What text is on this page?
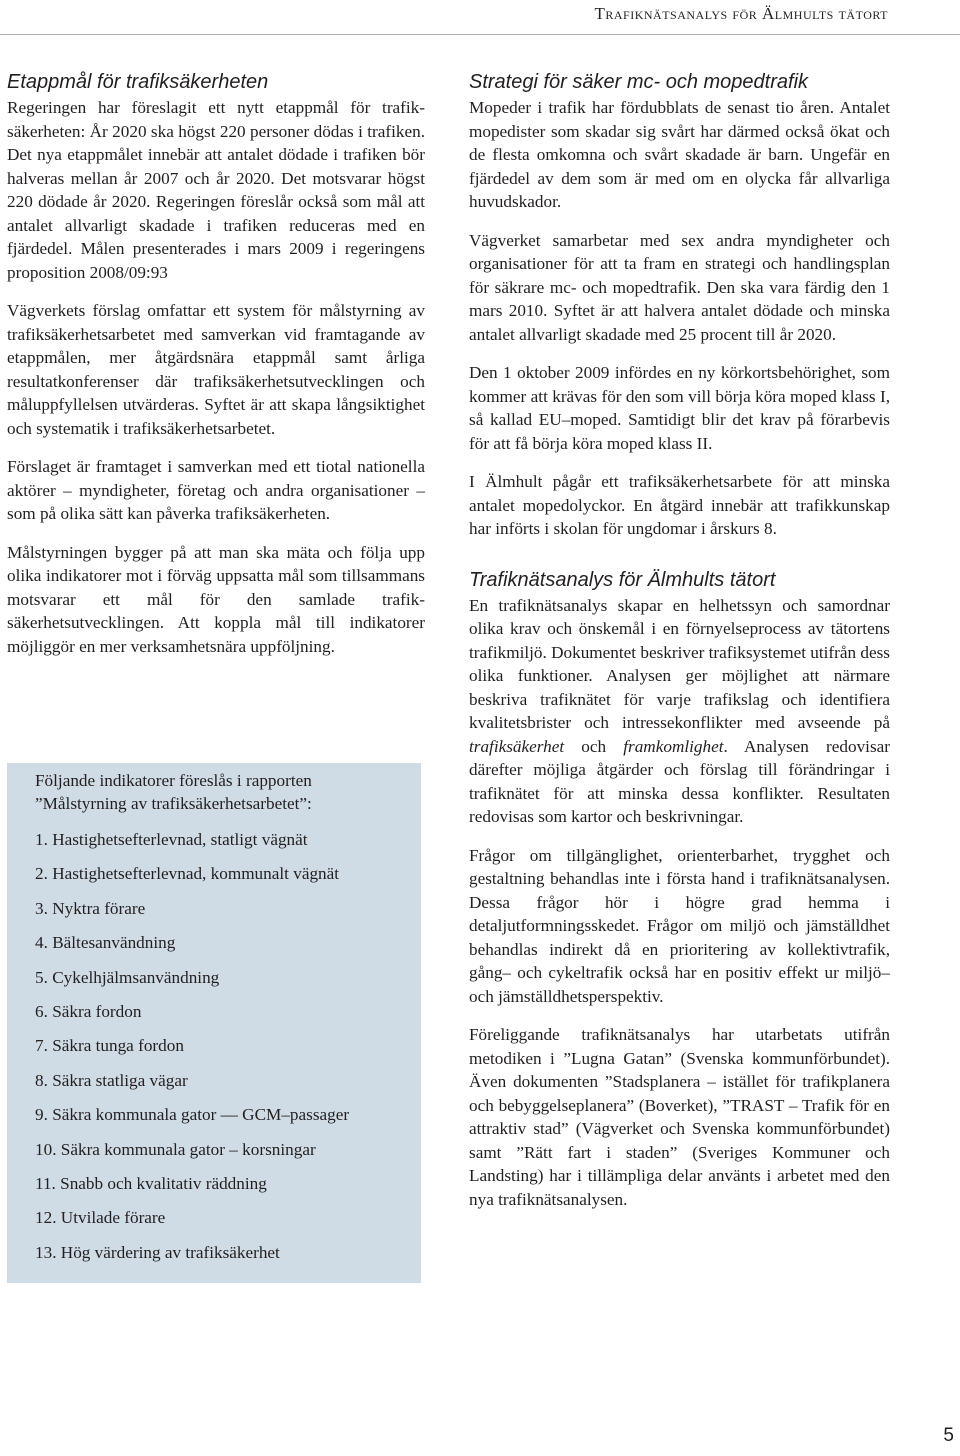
Trafiknätsanalys för Älmhults tätort
Etappmål för trafiksäkerheten

Regeringen har föreslagit ett nytt etappmål för trafiksäkerheten: År 2020 ska högst 220 personer dödas i trafiken. Det nya etappmålet innebär att antalet dödade i trafiken bör halveras mellan år 2007 och år 2020. Det motsvarar högst 220 dödade år 2020. Regeringen föreslår också som mål att antalet allvarligt skadade i trafiken reduceras med en fjärdedel. Målen presenterades i mars 2009 i regeringens proposition 2008/09:93

Vägverkets förslag omfattar ett system för målstyrning av trafiksäkerhetsarbetet med samverkan vid framtagande av etappmålen, mer åtgärdsnära etappmål samt årliga resultatkonferenser där trafiksäkerhetsutvecklingen och måluppfyllelsen utvärderas. Syftet är att skapa långsiktighet och systematik i trafiksäkerhetsarbetet.

Förslaget är framtaget i samverkan med ett tiotal nationella aktörer – myndigheter, företag och andra organisationer – som på olika sätt kan påverka trafiksäkerheten.

Målstyrningen bygger på att man ska mäta och följa upp olika indikatorer mot i förväg uppsatta mål som tillsammans motsvarar ett mål för den samlade trafiksäkerhetsutvecklingen. Att koppla mål till indikatorer möjliggör en mer verksamhetsnära uppföljning.

Följande indikatorer föreslås i rapporten
”Målstyrning av trafiksäkerhetsarbetet”:
1. Hastighetsefterlevnad, statligt vägnät
2. Hastighetsefterlevnad, kommunalt vägnät
3. Nyktra förare
4. Bältesanvändning
5. Cykelhjälmsanvändning
6. Säkra fordon
7. Säkra tunga fordon
8. Säkra statliga vägar
9. Säkra kommunala gator — GCM–passager
10. Säkra kommunala gator – korsningar
11. Snabb och kvalitativ räddning
12. Utvilade förare
13. Hög värdering av trafiksäkerhet
Strategi för säker mc- och mopedtrafik

Mopeder i trafik har fördubblats de senast tio åren. Antalet mopedister som skadar sig svårt har därmed också ökat och de flesta omkomna och svårt skadade är barn. Ungefär en fjärdedel av dem som är med om en olycka får allvarliga huvudskador.

Vägverket samarbetar med sex andra myndigheter och organisationer för att ta fram en strategi och handlingsplan för säkrare mc- och mopedtrafik. Den ska vara färdig den 1 mars 2010. Syftet är att halvera antalet dödade och minska antalet allvarligt skadade med 25 procent till år 2020.

Den 1 oktober 2009 infördes en ny körkortsbehörighet, som kommer att krävas för den som vill börja köra moped klass I, så kallad EU–moped. Samtidigt blir det krav på förarbevis för att få börja köra moped klass II.

I Älmhult pågår ett trafiksäkerhetsarbete för att minska antalet mopedolyckor. En åtgärd innebär att trafikkunskap har införts i skolan för ungdomar i årskurs 8.

Trafiknätsanalys för Älmhults tätort

En trafiknätsanalys skapar en helhetssyn och samordnar olika krav och önskemål i en förnyelseprocess av tätortens trafikmiljö. Dokumentet beskriver trafiksystemet utifrån dess olika funktioner. Analysen ger möjlighet att närmare beskriva trafiknätet för varje trafikslag och identifiera kvalitetsbrister och intressekonflikter med avseende på trafiksäkerhet och framkomlighet. Analysen redovisar därefter möjliga åtgärder och förslag till förändringar i trafiknätet för att minska dessa konflikter. Resultaten redovisas som kartor och beskrivningar.

Frågor om tillgänglighet, orienterbarhet, trygghet och gestaltning behandlas inte i första hand i trafiknätsanalysen. Dessa frågor hör i högre grad hemma i detaljutformningsskedet. Frågor om miljö och jämställdhet behandlas indirekt då en prioritering av kollektivtrafik, gång– och cykeltrafik också har en positiv effekt ur miljö– och jämställdhetsperspektiv.

Föreliggande trafiknätsanalys har utarbetats utifrån metodiken i ”Lugna Gatan” (Svenska kommunförbundet). Även dokumenten ”Stadsplanera – istället för trafikplanera och bebyggelseplanera” (Boverket), ”TRAST – Trafik för en attraktiv stad” (Vägverket och Svenska kommunförbundet) samt ”Rätt fart i staden” (Sveriges Kommuner och Landsting) har i tillämpliga delar använts i arbetet med den nya trafiknätsanalysen.

5
